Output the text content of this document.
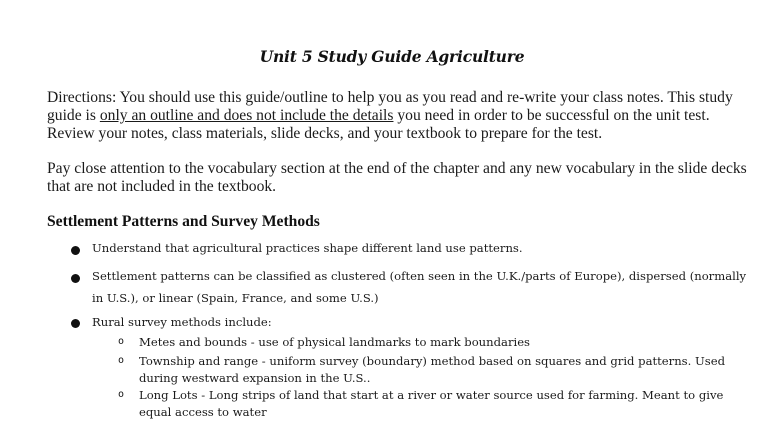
Unit 5 Study Guide Agriculture
Directions: You should use this guide/outline to help you as you read and re-write your class notes. This study guide is only an outline and does not include the details you need in order to be successful on the unit test. Review your notes, class materials, slide decks, and your textbook to prepare for the test.
Pay close attention to the vocabulary section at the end of the chapter and any new vocabulary in the slide decks that are not included in the textbook.
Settlement Patterns and Survey Methods
Understand that agricultural practices shape different land use patterns.
Settlement patterns can be classified as clustered (often seen in the U.K./parts of Europe), dispersed (normally in U.S.), or linear (Spain, France, and some U.S.)
Rural survey methods include:
o Metes and bounds - use of physical landmarks to mark boundaries
o Township and range - uniform survey (boundary) method based on squares and grid patterns. Used during westward expansion in the U.S..
o Long Lots - Long strips of land that start at a river or water source used for farming. Meant to give equal access to water
